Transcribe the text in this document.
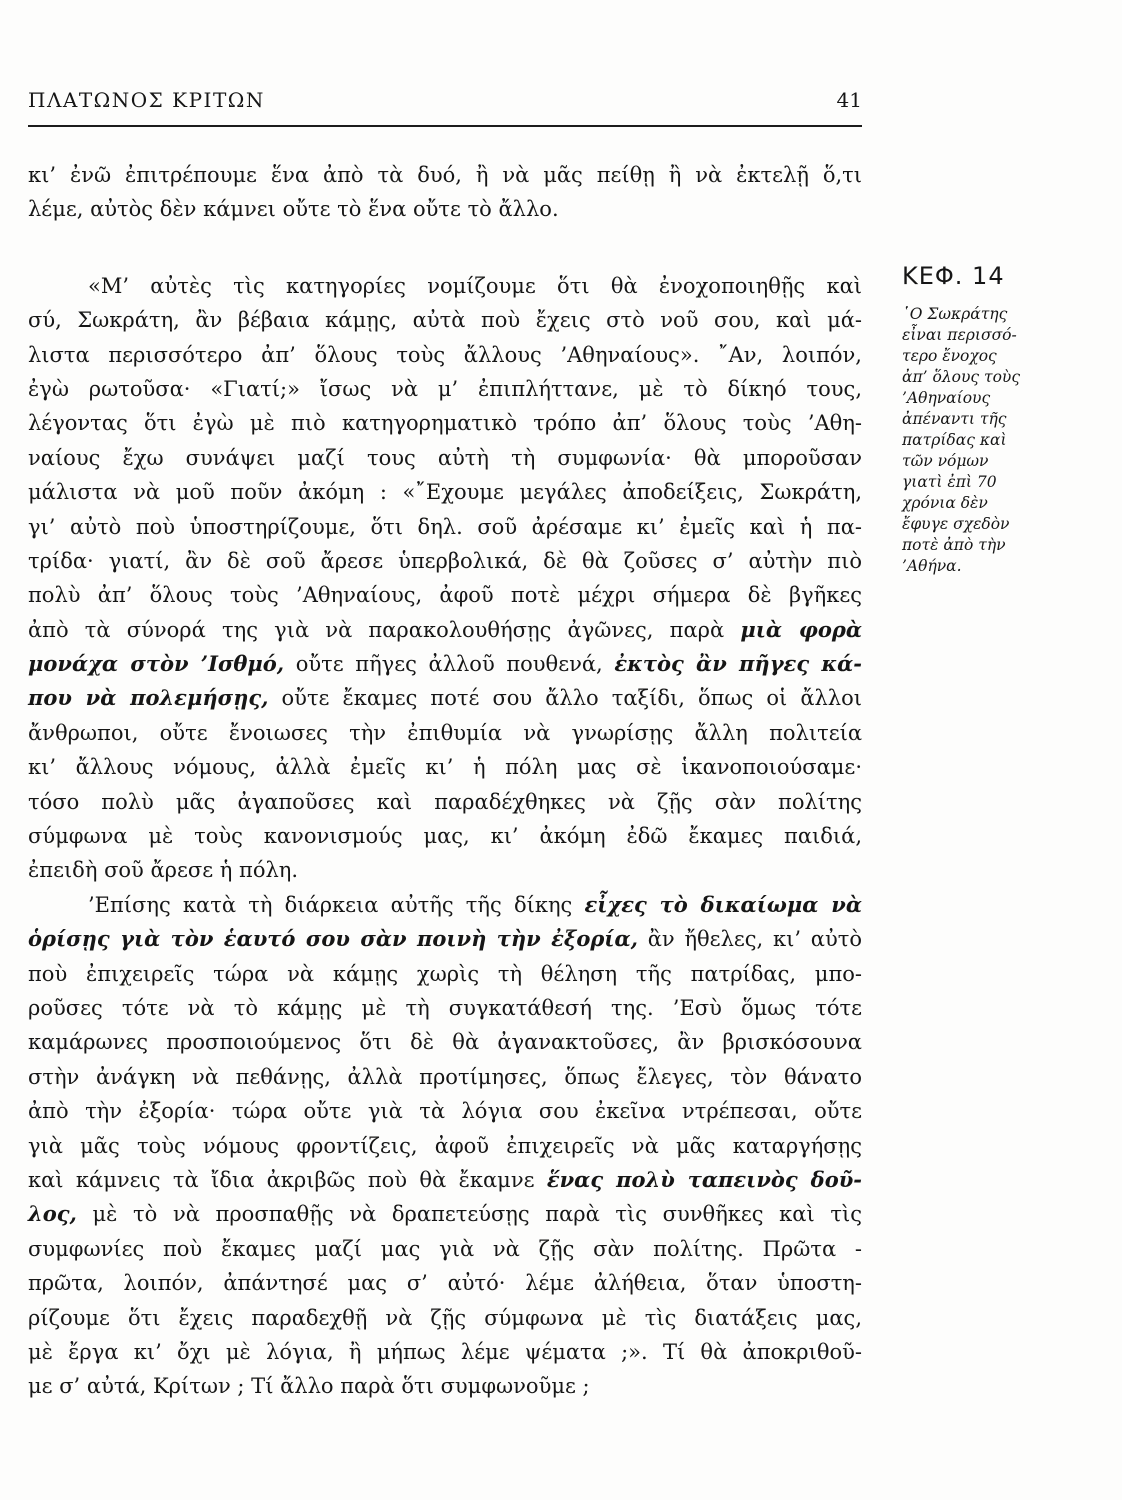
ΠΛΑΤΩΝΟΣ ΚΡΙΤΩΝ	41
κι’ ἐνῶ ἐπιτρέπουμε ἕνα ἀπὸ τὰ δυό, ἢ νὰ μᾶς πείθῃ ἢ νὰ ἐκτελῇ ὅ,τι
λέμε, αὐτὸς δὲν κάμνει οὔτε τὸ ἕνα οὔτε τὸ ἄλλο.
«Μ’ αὐτὲς τὶς κατηγορίες νομίζουμε ὅτι θὰ ἐνοχοποιηθῇς καὶ
σύ, Σωκράτη, ἂν βέβαια κάμῃς, αὐτὰ ποὺ ἔχεις στὸ νοῦ σου, καὶ μά-
λιστα περισσότερο ἀπ’ ὅλους τοὺς ἄλλους ’Αθηναίους». ῎Αν, λοιπόν,
ἐγὼ ρωτοῦσα· «Γιατί;» ἴσως νὰ μ’ ἐπιπλήττανε, μὲ τὸ δίκηό τους,
λέγοντας ὅτι ἐγὼ μὲ πιὸ κατηγορηματικὸ τρόπο ἀπ’ ὅλους τοὺς ’Αθη-
ναίους ἔχω συνάψει μαζί τους αὐτὴ τὴ συμφωνία· θὰ μποροῦσαν
μάλιστα νὰ μοῦ ποῦν ἀκόμη : «῎Εχουμε μεγάλες ἀποδείξεις, Σωκράτη,
γι’ αὐτὸ ποὺ ὑποστηρίζουμε, ὅτι δηλ. σοῦ ἀρέσαμε κι’ ἐμεῖς καὶ ἡ πα-
τρίδα· γιατί, ἂν δὲ σοῦ ἄρεσε ὑπερβολικά, δὲ θὰ ζοῦσες σ’ αὐτὴν πιὸ
πολὺ ἀπ’ ὅλους τοὺς ’Αθηναίους, ἀφοῦ ποτὲ μέχρι σήμερα δὲ βγῆκες
ἀπὸ τὰ σύνορά της γιὰ νὰ παρακολουθήσῃς ἀγῶνες, παρὰ μιὰ φορὰ
μονάχα στὸν ’Ισθμό, οὔτε πῆγες ἀλλοῦ πουθενά, ἐκτὸς ἂν πῆγες κά-
που νὰ πολεμήσῃς, οὔτε ἔκαμες ποτέ σου ἄλλο ταξίδι, ὅπως οἱ ἄλλοι
ἄνθρωποι, οὔτε ἔνοιωσες τὴν ἐπιθυμία νὰ γνωρίσῃς ἄλλη πολιτεία
κι’ ἄλλους νόμους, ἀλλὰ ἐμεῖς κι’ ἡ πόλη μας σὲ ἱκανοποιούσαμε·
τόσο πολὺ μᾶς ἀγαποῦσες καὶ παραδέχθηκες νὰ ζῇς σὰν πολίτης
σύμφωνα μὲ τοὺς κανονισμούς μας, κι’ ἀκόμη ἐδῶ ἔκαμες παιδιά,
ἐπειδὴ σοῦ ἄρεσε ἡ πόλη.
’Επίσης κατὰ τὴ διάρκεια αὐτῆς τῆς δίκης εἶχες τὸ δικαίωμα νὰ
ὁρίσῃς γιὰ τὸν ἑαυτό σου σὰν ποινὴ τὴν ἐξορία, ἂν ἤθελες, κι’ αὐτὸ
ποὺ ἐπιχειρεῖς τώρα νὰ κάμῃς χωρὶς τὴ θέληση τῆς πατρίδας, μπο-
ροῦσες τότε νὰ τὸ κάμῃς μὲ τὴ συγκατάθεσή της. ’Εσὺ ὅμως τότε
καμάρωνες προσποιούμενος ὅτι δὲ θὰ ἀγανακτοῦσες, ἂν βρισκόσουνα
στὴν ἀνάγκη νὰ πεθάνῃς, ἀλλὰ προτίμησες, ὅπως ἔλεγες, τὸν θάνατο
ἀπὸ τὴν ἐξορία· τώρα οὔτε γιὰ τὰ λόγια σου ἐκεῖνα ντρέπεσαι, οὔτε
γιὰ μᾶς τοὺς νόμους φροντίζεις, ἀφοῦ ἐπιχειρεῖς νὰ μᾶς καταργήσῃς
καὶ κάμνεις τὰ ἴδια ἀκριβῶς ποὺ θὰ ἔκαμνε ἕνας πολὺ ταπεινὸς δοῦ-
λος, μὲ τὸ νὰ προσπαθῇς νὰ δραπετεύσῃς παρὰ τὶς συνθῆκες καὶ τὶς
συμφωνίες ποὺ ἔκαμες μαζί μας γιὰ νὰ ζῇς σὰν πολίτης. Πρῶτα -
πρῶτα, λοιπόν, ἀπάντησέ μας σ’ αὐτό· λέμε ἀλήθεια, ὅταν ὑποστη-
ρίζουμε ὅτι ἔχεις παραδεχθῇ νὰ ζῇς σύμφωνα μὲ τὶς διατάξεις μας,
μὲ ἔργα κι’ ὄχι μὲ λόγια, ἢ μήπως λέμε ψέματα ;». Τί θὰ ἀποκριθοῦ-
με σ’ αὐτά, Κρίτων ; Τί ἄλλο παρὰ ὅτι συμφωνοῦμε ;
ΚΕΦ. 14
῾Ο Σωκράτης
εἶναι περισσό-
τερο ἔνοχος
ἀπ’ ὅλους τοὺς
’Αθηναίους
ἀπέναντι τῆς
πατρίδας καὶ
τῶν νόμων
γιατὶ ἐπὶ 70
χρόνια δὲν
ἔφυγε σχεδὸν
ποτὲ ἀπὸ τὴν
’Αθήνα.
